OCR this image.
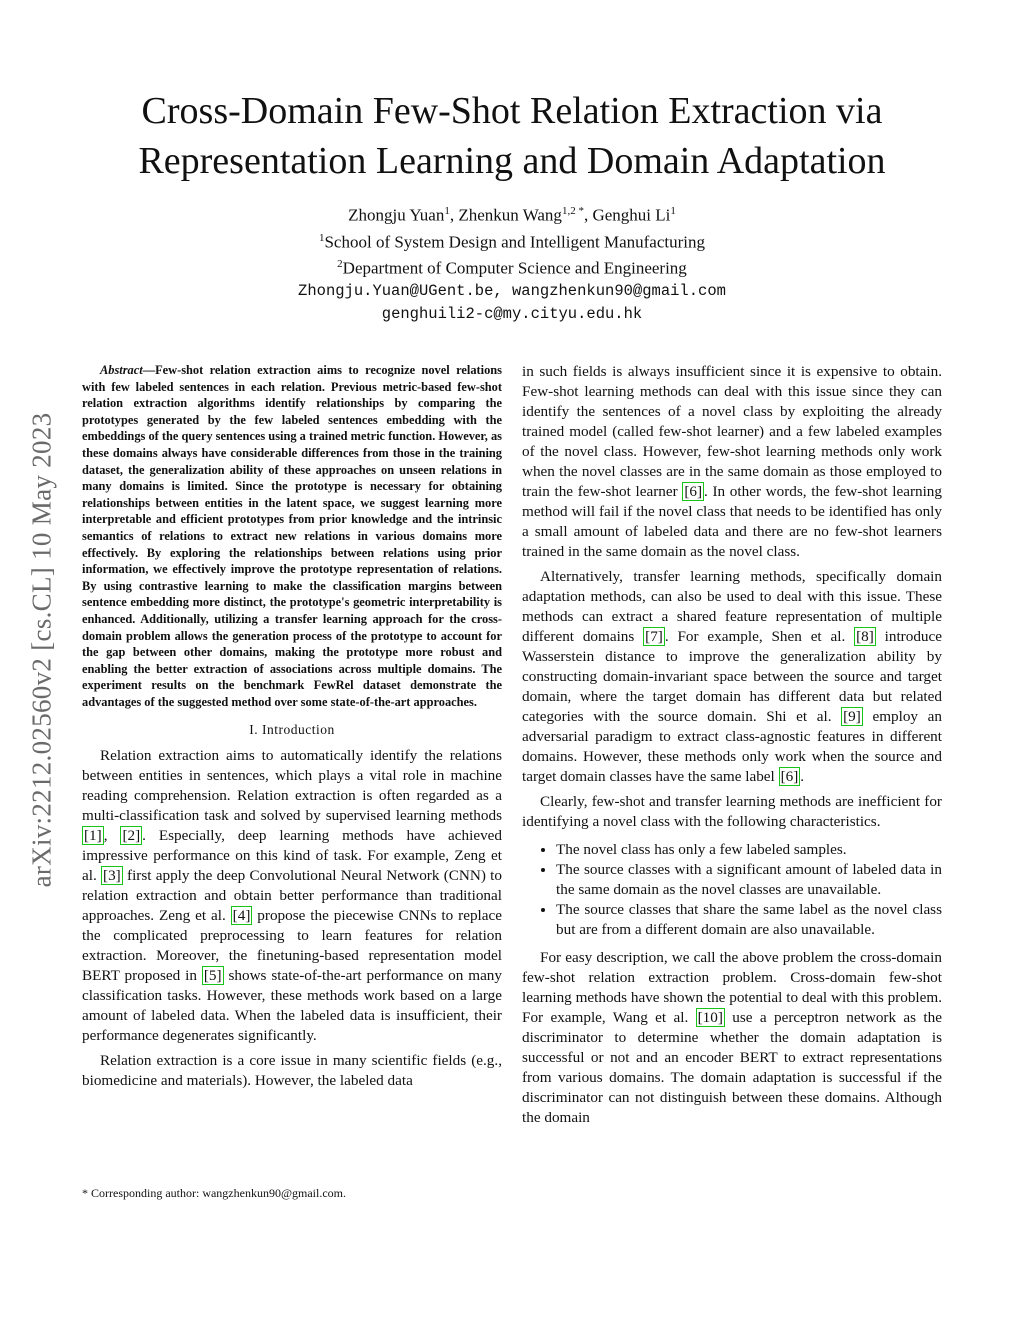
arXiv:2212.02560v2 [cs.CL] 10 May 2023
Cross-Domain Few-Shot Relation Extraction via
Representation Learning and Domain Adaptation
Zhongju Yuan$^1$, Zhenkun Wang$^{1,2 *}$, Genghui Li$^1$
$^1$School of System Design and Intelligent Manufacturing
$^2$Department of Computer Science and Engineering
Zhongju.Yuan@UGent.be, wangzhenkun90@gmail.com
genghuili2-c@my.cityu.edu.hk

Abstract—Few-shot relation extraction aims to recognize novel relations with few labeled sentences in each relation. Previous metric-based few-shot relation extraction algorithms identify relationships by comparing the prototypes generated by the few labeled sentences embedding with the embeddings of the query sentences using a trained metric function. However, as these domains always have considerable differences from those in the training dataset, the generalization ability of these approaches on unseen relations in many domains is limited. Since the prototype is necessary for obtaining relationships between entities in the latent space, we suggest learning more interpretable and efficient prototypes from prior knowledge and the intrinsic semantics of relations to extract new relations in various domains more effectively. By exploring the relationships between relations using prior information, we effectively improve the prototype representation of relations. By using contrastive learning to make the classification margins between sentence embedding more distinct, the prototype's geometric interpretability is enhanced. Additionally, utilizing a transfer learning approach for the cross-domain problem allows the generation process of the prototype to account for the gap between other domains, making the prototype more robust and enabling the better extraction of associations across multiple domains. The experiment results on the benchmark FewRel dataset demonstrate the advantages of the suggested method over some state-of-the-art approaches.

I. Introduction

Relation extraction aims to automatically identify the relations between entities in sentences, which plays a vital role in machine reading comprehension. Relation extraction is often regarded as a multi-classification task and solved by supervised learning methods [1] , [2] . Especially, deep learning methods have achieved impressive performance on this kind of task. For example, Zeng et al. [3] first apply the deep Convolutional Neural Network (CNN) to relation extraction and obtain better performance than traditional approaches. Zeng et al. [4] propose the piecewise CNNs to replace the complicated preprocessing to learn features for relation extraction. Moreover, the finetuning-based representation model BERT proposed in [5] shows state-of-the-art performance on many classification tasks. However, these methods work based on a large amount of labeled data. When the labeled data is insufficient, their performance degenerates significantly.

Relation extraction is a core issue in many scientific fields (e.g., biomedicine and materials). However, the labeled data

* Corresponding author: wangzhenkun90@gmail.com.

in such fields is always insufficient since it is expensive to obtain. Few-shot learning methods can deal with this issue since they can identify the sentences of a novel class by exploiting the already trained model (called few-shot learner) and a few labeled examples of the novel class. However, few-shot learning methods only work when the novel classes are in the same domain as those employed to train the few-shot learner [6] . In other words, the few-shot learning method will fail if the novel class that needs to be identified has only a small amount of labeled data and there are no few-shot learners trained in the same domain as the novel class.

Alternatively, transfer learning methods, specifically domain adaptation methods, can also be used to deal with this issue. These methods can extract a shared feature representation of multiple different domains [7] . For example, Shen et al. [8] introduce Wasserstein distance to improve the generalization ability by constructing domain-invariant space between the source and target domain, where the target domain has different data but related categories with the source domain. Shi et al. [9] employ an adversarial paradigm to extract class-agnostic features in different domains. However, these methods only work when the source and target domain classes have the same label [6] .

Clearly, few-shot and transfer learning methods are inefficient for identifying a novel class with the following characteristics.

• The novel class has only a few labeled samples.
• The source classes with a significant amount of labeled data in the same domain as the novel classes are unavailable.
• The source classes that share the same label as the novel class but are from a different domain are also unavailable.

For easy description, we call the above problem the cross-domain few-shot relation extraction problem. Cross-domain few-shot learning methods have shown the potential to deal with this problem. For example, Wang et al. [10] use a perceptron network as the discriminator to determine whether the domain adaptation is successful or not and an encoder BERT to extract representations from various domains. The domain adaptation is successful if the discriminator can not distinguish between these domains. Although the domain
